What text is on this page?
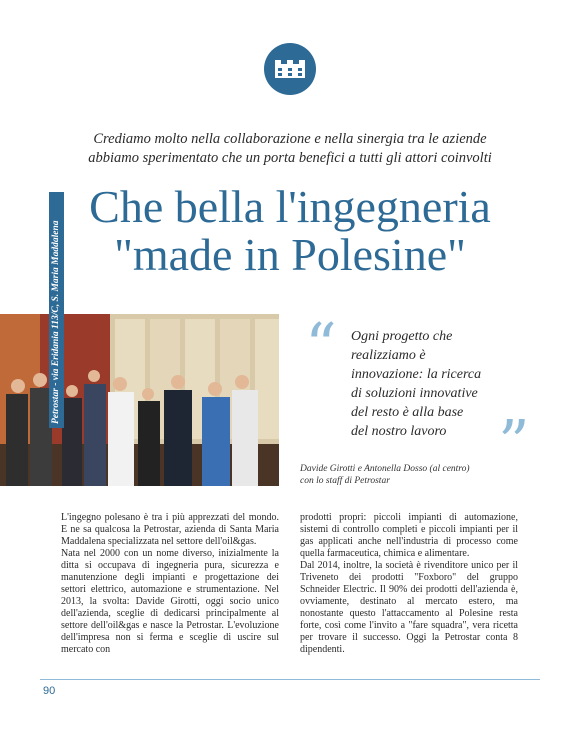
Crediamo molto nella collaborazione e nella sinergia tra le aziende
abbiamo sperimentato che un porta benefici a tutti gli attori coinvolti
Che bella l'ingegneria
"made in Polesine"
Petrostar - via Eridania 113/C, S. Maria Maddalena	“ Ogni progetto che
realizziamo è
innovazione: la ricerca
di soluzioni innovative
del resto è alla base
del nostro lavoro ”
Davide Girotti e Antonella Dosso (al centro)
con lo staff di Petrostar

L'ingegno polesano è tra i più apprezzati del mondo. E ne sa qualcosa la Petrostar, azienda di Santa Maria Maddalena specializzata nel settore dell'oil&gas.

Nata nel 2000 con un nome diverso, inizialmente la ditta si occupava di ingegneria pura, sicurezza e manutenzione degli impianti e progettazione dei settori elettrico, automazione e strumentazione. Nel 2013, la svolta: Davide Girotti, oggi socio unico dell'azienda, sceglie di dedicarsi principalmente al settore dell'oil&gas e nasce la Petrostar. L'evoluzione dell'impresa non si ferma e sceglie di uscire sul mercato con

prodotti propri: piccoli impianti di automazione, sistemi di controllo completi e piccoli impianti per il gas applicati anche nell'industria di processo come quella farmaceutica, chimica e alimentare.

Dal 2014, inoltre, la società è rivenditore unico per il Triveneto dei prodotti "Foxboro" del gruppo Schneider Electric. Il 90% dei prodotti dell'azienda è, ovviamente, destinato al mercato estero, ma nonostante questo l'attaccamento al Polesine resta forte, così come l'invito a "fare squadra", vera ricetta per trovare il successo. Oggi la Petrostar conta 8 dipendenti.

90
